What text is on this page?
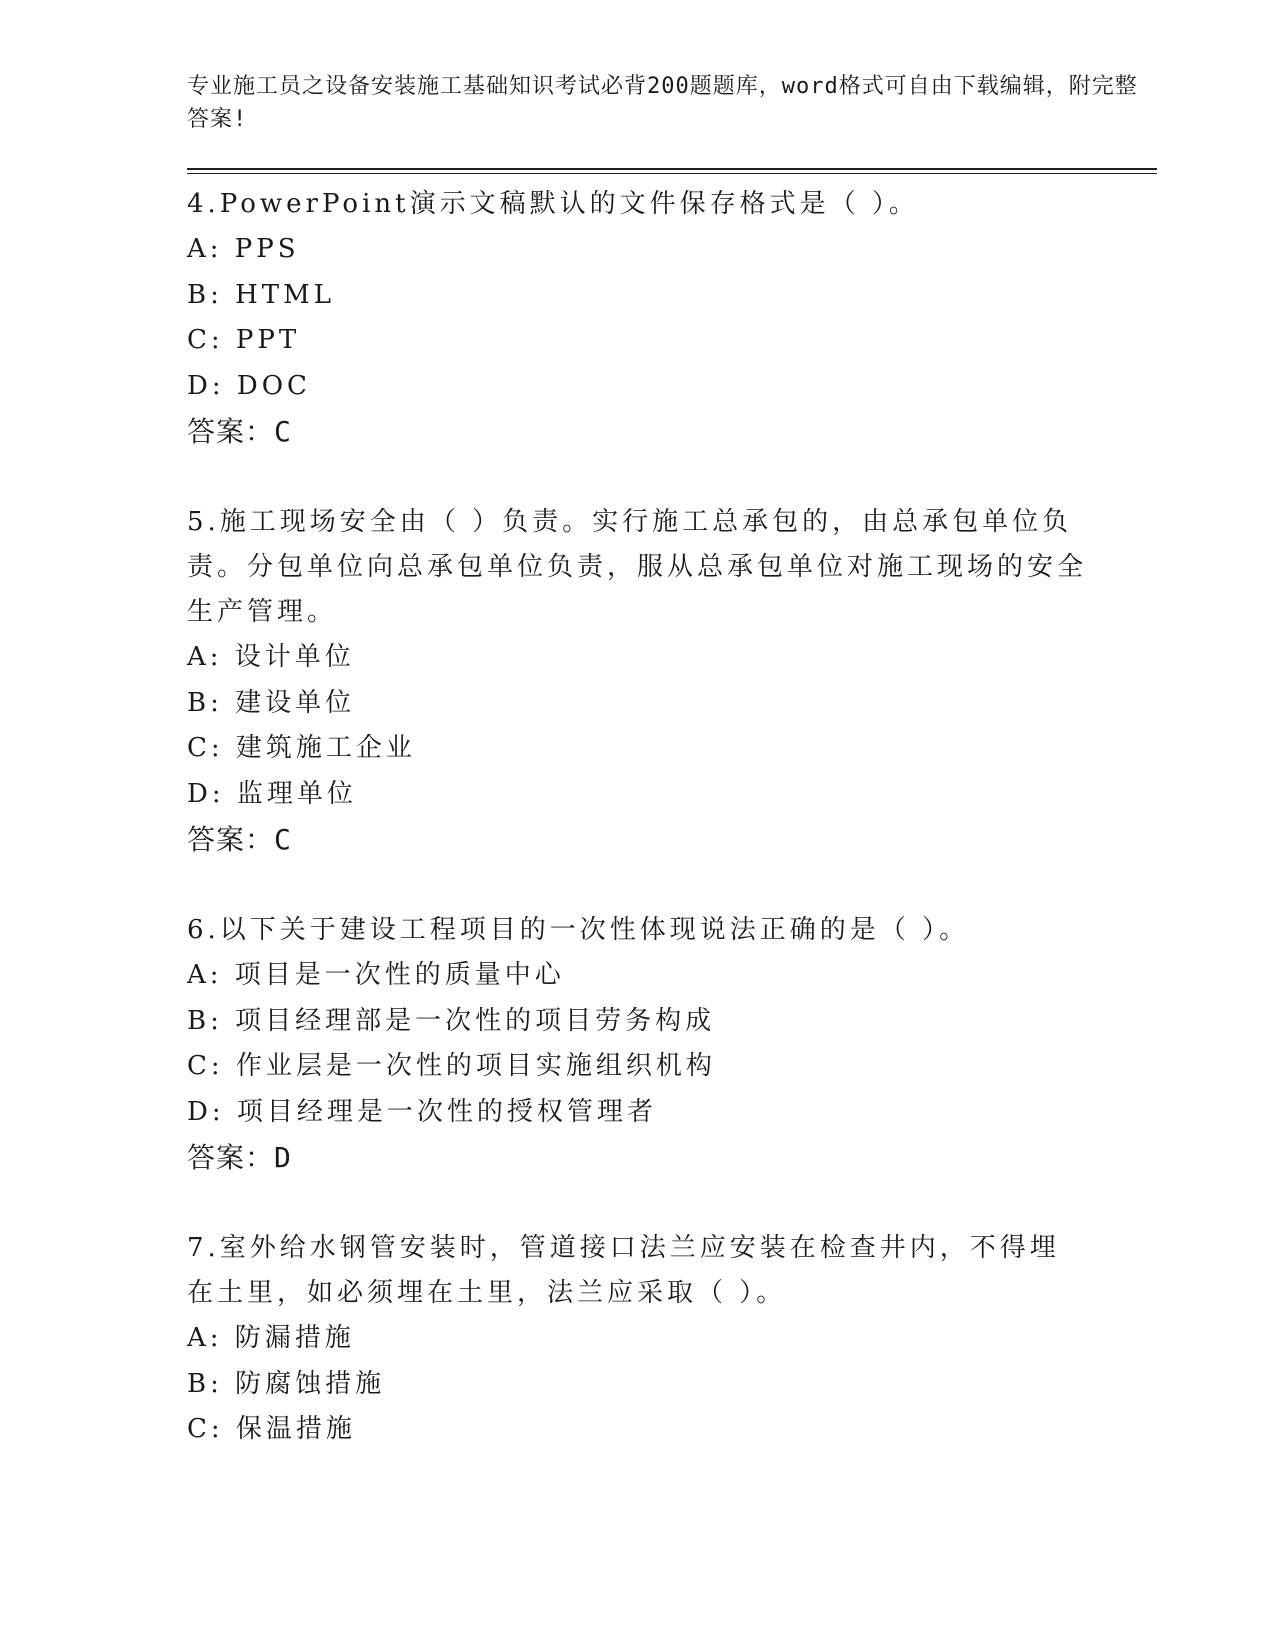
专业施工员之设备安装施工基础知识考试必背200题题库，word格式可自由下载编辑，附完整答案!

4.PowerPoint演示文稿默认的文件保存格式是（ ）。

A: PPS

B: HTML

C: PPT

D: DOC

答案：C

5.施工现场安全由（ ）负责。实行施工总承包的，由总承包单位负责。分包单位向总承包单位负责，服从总承包单位对施工现场的安全生产管理。

A: 设计单位

B: 建设单位

C: 建筑施工企业

D: 监理单位

答案：C

6.以下关于建设工程项目的一次性体现说法正确的是（ ）。

A: 项目是一次性的质量中心

B: 项目经理部是一次性的项目劳务构成

C: 作业层是一次性的项目实施组织机构

D: 项目经理是一次性的授权管理者

答案：D

7.室外给水钢管安装时，管道接口法兰应安装在检查井内，不得埋在土里，如必须埋在土里，法兰应采取（ ）。

A: 防漏措施

B: 防腐蚀措施

C: 保温措施
